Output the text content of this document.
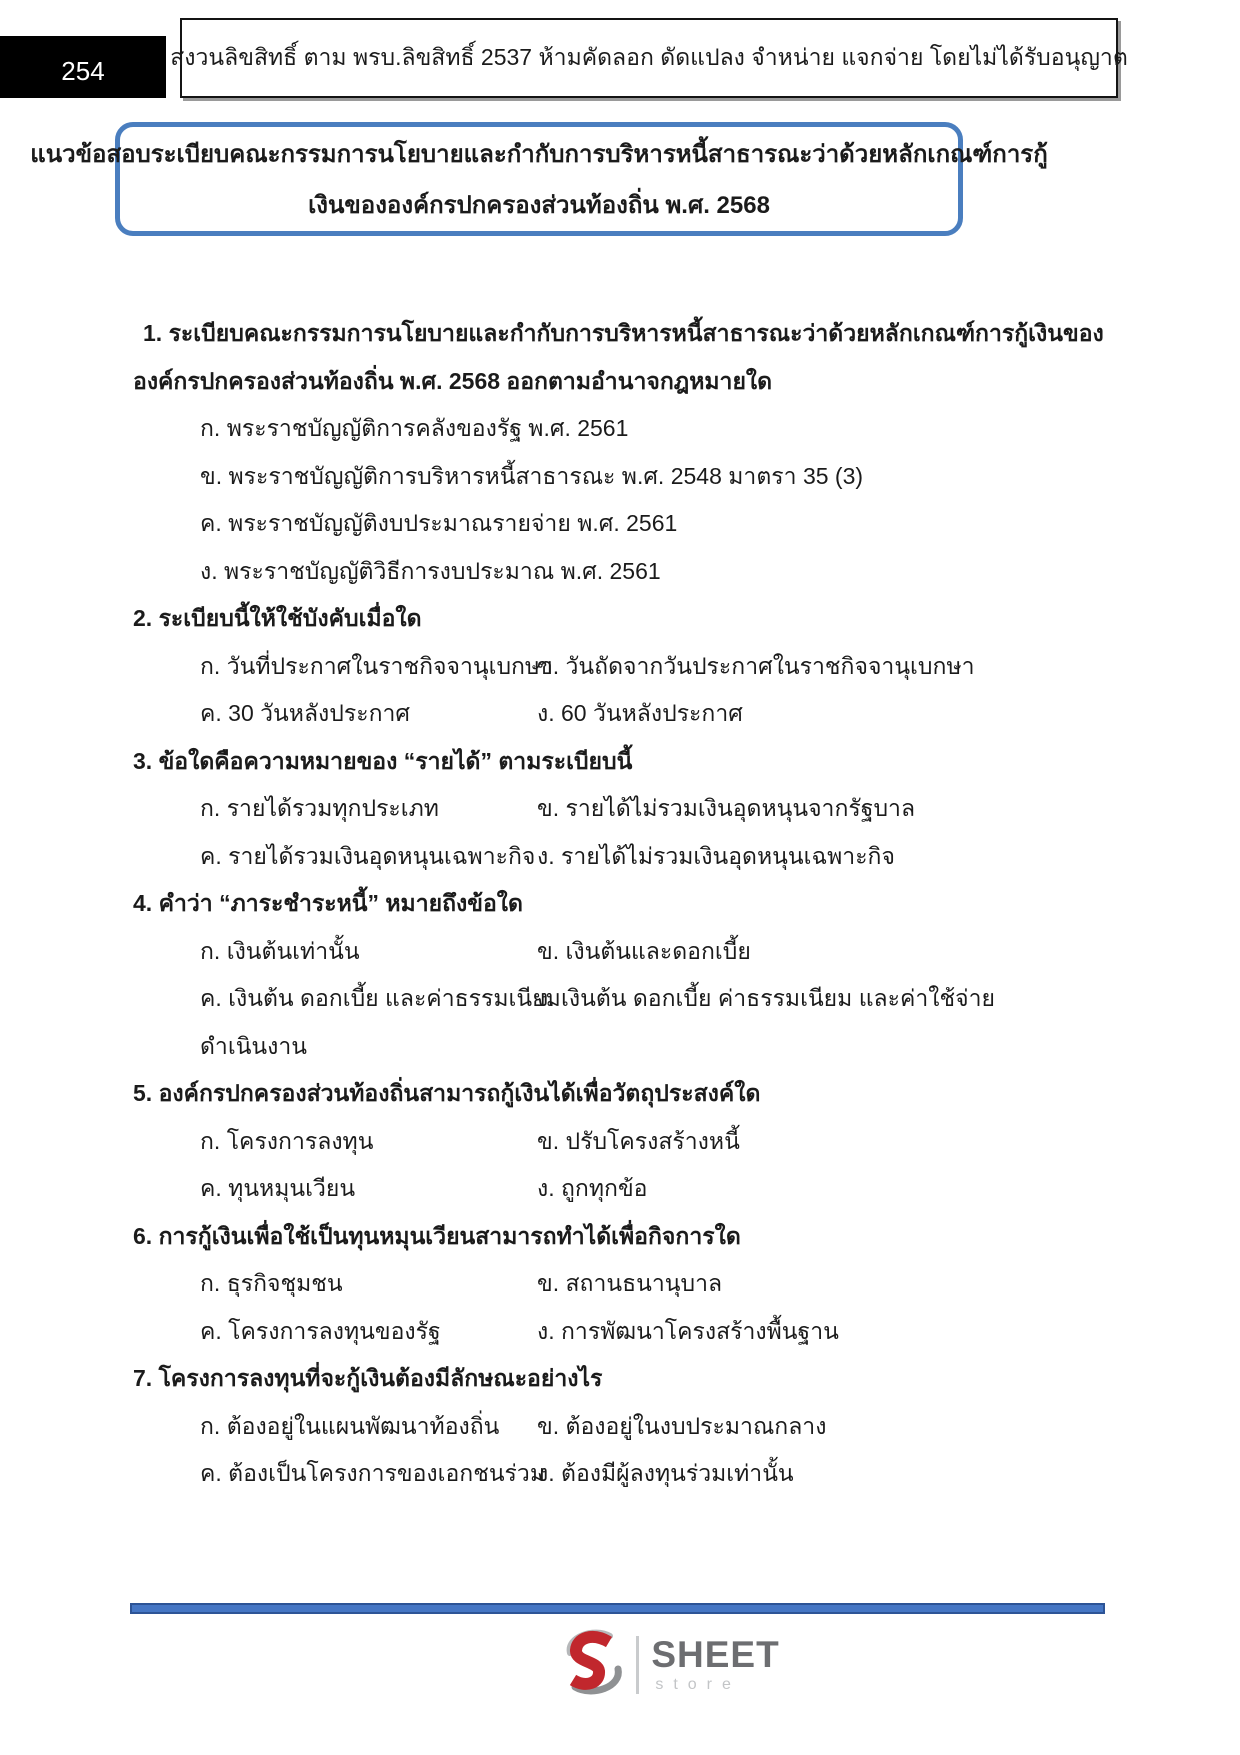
254	สงวนลิขสิทธิ์ ตาม พรบ.ลิขสิทธิ์ 2537 ห้ามคัดลอก ดัดแปลง จำหน่าย แจกจ่าย โดยไม่ได้รับอนุญาต
แนวข้อสอบระเบียบคณะกรรมการนโยบายและกำกับการบริหารหนี้สาธารณะว่าด้วยหลักเกณฑ์การกู้
เงินขององค์กรปกครองส่วนท้องถิ่น พ.ศ. 2568
1. ระเบียบคณะกรรมการนโยบายและกำกับการบริหารหนี้สาธารณะว่าด้วยหลักเกณฑ์การกู้เงินของ
องค์กรปกครองส่วนท้องถิ่น พ.ศ. 2568 ออกตามอำนาจกฎหมายใด
ก. พระราชบัญญัติการคลังของรัฐ พ.ศ. 2561
ข. พระราชบัญญัติการบริหารหนี้สาธารณะ พ.ศ. 2548 มาตรา 35 (3)
ค. พระราชบัญญัติงบประมาณรายจ่าย พ.ศ. 2561
ง. พระราชบัญญัติวิธีการงบประมาณ พ.ศ. 2561
2. ระเบียบนี้ให้ใช้บังคับเมื่อใด
ก. วันที่ประกาศในราชกิจจานุเบกษา
ข. วันถัดจากวันประกาศในราชกิจจานุเบกษา
ค. 30 วันหลังประกาศ	ง. 60 วันหลังประกาศ
3. ข้อใดคือความหมายของ “รายได้” ตามระเบียบนี้
ก. รายได้รวมทุกประเภท	ข. รายได้ไม่รวมเงินอุดหนุนจากรัฐบาล
ค. รายได้รวมเงินอุดหนุนเฉพาะกิจ ง. รายได้ไม่รวมเงินอุดหนุนเฉพาะกิจ
4. คำว่า “ภาระชำระหนี้” หมายถึงข้อใด
ก. เงินต้นเท่านั้น	ข. เงินต้นและดอกเบี้ย
ค. เงินต้น ดอกเบี้ย และค่าธรรมเนียม
ง. เงินต้น ดอกเบี้ย ค่าธรรมเนียม และค่าใช้จ่าย
ดำเนินงาน
5. องค์กรปกครองส่วนท้องถิ่นสามารถกู้เงินได้เพื่อวัตถุประสงค์ใด
ก. โครงการลงทุน	ข. ปรับโครงสร้างหนี้
ค. ทุนหมุนเวียน	ง. ถูกทุกข้อ
6. การกู้เงินเพื่อใช้เป็นทุนหมุนเวียนสามารถทำได้เพื่อกิจการใด
ก. ธุรกิจชุมชน	ข. สถานธนานุบาล
ค. โครงการลงทุนของรัฐ	ง. การพัฒนาโครงสร้างพื้นฐาน
7. โครงการลงทุนที่จะกู้เงินต้องมีลักษณะอย่างไร
ก. ต้องอยู่ในแผนพัฒนาท้องถิ่น	ข. ต้องอยู่ในงบประมาณกลาง
ค. ต้องเป็นโครงการของเอกชนร่วม
ง. ต้องมีผู้ลงทุนร่วมเท่านั้น
SHEET
store
